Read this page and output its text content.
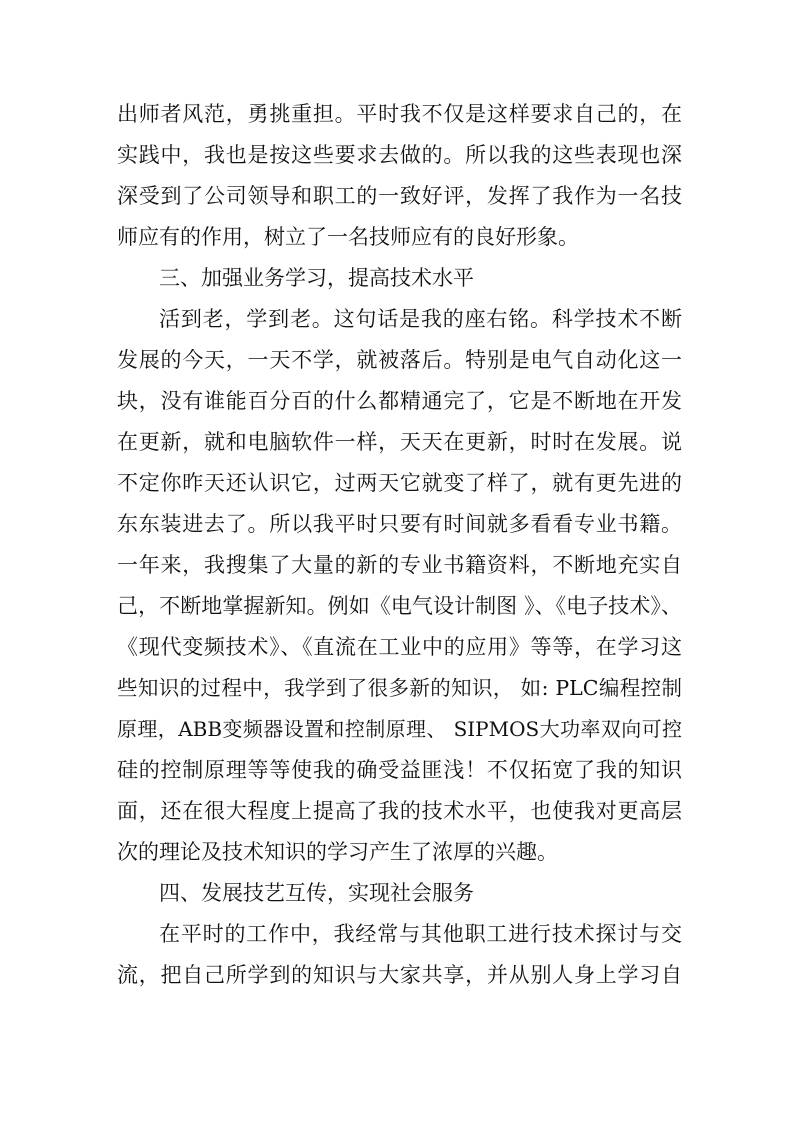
出师者风范，勇挑重担。平时我不仅是这样要求自己的，在
实践中，我也是按这些要求去做的。所以我的这些表现也深
深受到了公司领导和职工的一致好评，发挥了我作为一名技
师应有的作用，树立了一名技师应有的良好形象。
三、加强业务学习，提高技术水平
活到老，学到老。这句话是我的座右铭。科学技术不断
发展的今天，一天不学，就被落后。特别是电气自动化这一
块，没有谁能百分百的什么都精通完了，它是不断地在开发
在更新，就和电脑软件一样，天天在更新，时时在发展。说
不定你昨天还认识它，过两天它就变了样了，就有更先进的
东东装进去了。所以我平时只要有时间就多看看专业书籍。
一年来，我搜集了大量的新的专业书籍资料，不断地充实自
己，不断地掌握新知。例如《电气设计制图 》、《电子技术》、
《现代变频技术》、《直流在工业中的应用》等等，在学习这
些知识的过程中，我学到了很多新的知识， 如: PLC编程控制
原理，ABB变频器设置和控制原理、 SIPMOS大功率双向可控
硅的控制原理等等使我的确受益匪浅！不仅拓宽了我的知识
面，还在很大程度上提高了我的技术水平，也使我对更高层
次的理论及技术知识的学习产生了浓厚的兴趣。
四、发展技艺互传，实现社会服务
在平时的工作中，我经常与其他职工进行技术探讨与交
流，把自己所学到的知识与大家共享，并从别人身上学习自
